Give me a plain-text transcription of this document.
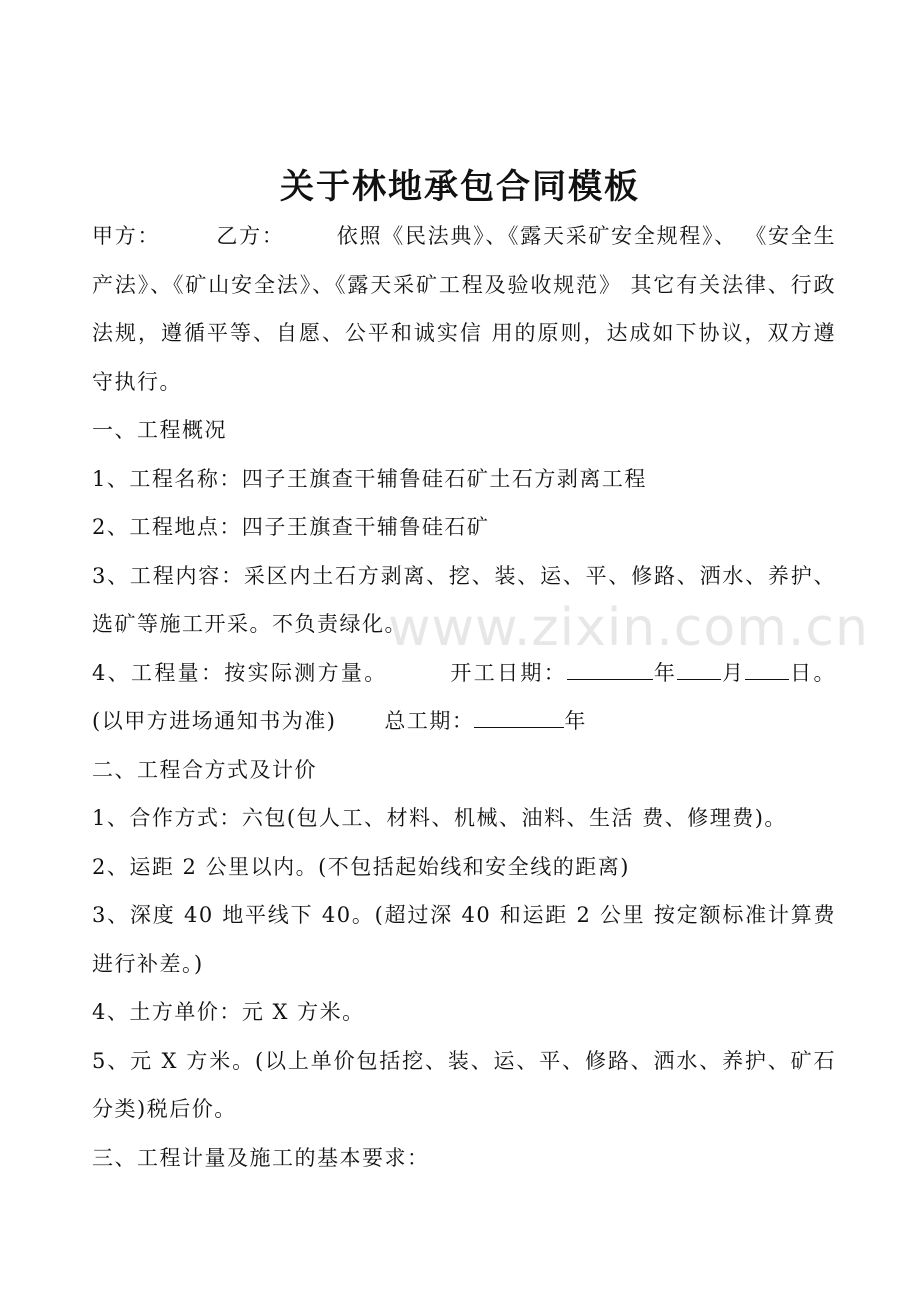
关于林地承包合同模板

甲方：	乙方： 依照《民法典》、《露天采矿安全规程》、 《安全生产法》、《矿山安全法》、《露天采矿工程及验收规范》 其它有关法律、行政法规，遵循平等、自愿、公平和诚实信 用的原则，达成如下协议，双方遵守执行。

一、工程概况

1、工程名称：四子王旗查干辅鲁硅石矿土石方剥离工程

2、工程地点：四子王旗查干辅鲁硅石矿

3、工程内容：采区内土石方剥离、挖、装、运、平、修路、洒水、养护、选矿等施工开采。不负责绿化。

4、工程量：按实际测方量。	开工日期：	年 月 日。(以甲方进场通知书为准) 总工期：	年

二、工程合方式及计价

1、合作方式：六包(包人工、材料、机械、油料、生活 费、修理费)。

2、运距 2 公里以内。(不包括起始线和安全线的距离)

3、深度 40 地平线下 40。(超过深 40 和运距 2 公里 按定额标准计算费进行补差。)

4、土方单价：元 X 方米。

5、元 X 方米。(以上单价包括挖、装、运、平、修路、洒水、养护、矿石分类)税后价。

三、工程计量及施工的基本要求：

www.zixin.com.cn
